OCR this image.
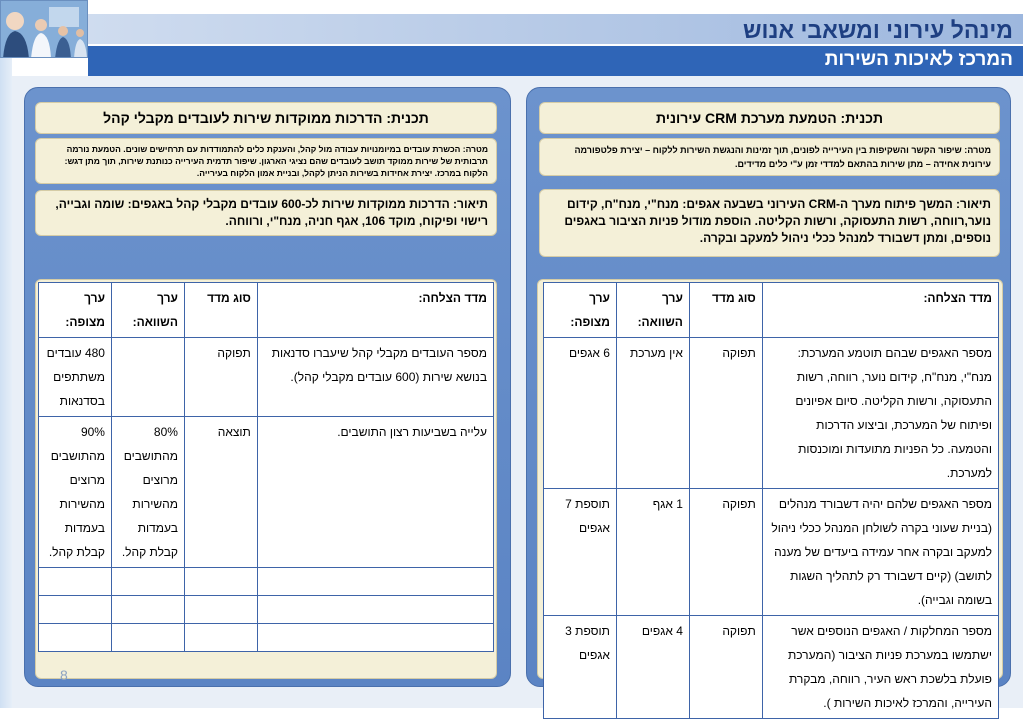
מינהל עירוני ומשאבי אנוש
המרכז לאיכות השירות
תכנית: הטמעת מערכת CRM עירונית
מטרה: שיפור הקשר והשקיפות בין העירייה לפונים, תוך זמינות והנגשת השירות ללקוח – יצירת פלטפורמה עירונית אחידה – מתן שירות בהתאם למדדי זמן ע"י כלים מדידים.
תיאור: המשך פיתוח מערך ה-CRM העירוני בשבעה אגפים: מנח"י, מנח"ח, קידום נוער,רווחה, רשות התעסוקה, ורשות הקליטה. הוספת מודול פניות הציבור באגפים נוספים, ומתן דשבורד למנהל ככלי ניהול למעקב ובקרה.
מדד הצלחה:	סוג מדד	ערך השוואה:	ערך מצופה:
מספר האגפים שבהם תוטמע המערכת: מנח"י, מנח"ח, קידום נוער, רווחה, רשות התעסוקה, ורשות הקליטה. סיום אפיונים ופיתוח של המערכת, וביצוע הדרכות והטמעה. כל הפניות מתועדות ומוכנסות למערכת.	תפוקה	אין מערכת	6 אגפים
מספר האגפים שלהם יהיה דשבורד מנהלים (בניית שעוני בקרה לשולחן המנהל ככלי ניהול למעקב ובקרה אחר עמידה ביעדים של מענה לתושב) (קיים דשבורד רק לתהליך השגות בשומה וגבייה).	תפוקה	1 אגף	תוספת 7 אגפים
מספר המחלקות / האגפים הנוספים אשר ישתמשו במערכת פניות הציבור (המערכת פועלת בלשכת ראש העיר, רווחה, מבקרת העירייה, והמרכז לאיכות השירות ).	תפוקה	4 אגפים	תוספת 3 אגפים
תכנית: הדרכות ממוקדות שירות לעובדים מקבלי קהל
מטרה: הכשרת עובדים במיומנויות עבודה מול קהל, והענקת כלים להתמודדות עם תרחישים שונים. הטמעת נורמה תרבותית של שירות ממוקד תושב לעובדים שהם נציגי הארגון. שיפור תדמית העירייה כנותנת שירות, תוך מתן דגש: הלקוח במרכז. יצירת אחידות בשירות הניתן לקהל, ובניית אמון הלקוח בעירייה.
תיאור: הדרכות ממוקדות שירות לכ-600 עובדים מקבלי קהל באגפים: שומה וגבייה, רישוי ופיקוח, מוקד 106, אגף חניה, מנח"י, ורווחה.
מדד הצלחה:	סוג מדד	ערך השוואה:	ערך מצופה:
מספר העובדים מקבלי קהל שיעברו סדנאות בנושא שירות (600 עובדים מקבלי קהל).	תפוקה		480 עובדים משתתפים בסדנאות
עלייה בשביעות רצון התושבים.	תוצאה	80% מהתושבים מרוצים מהשירות בעמדות קבלת קהל.	90% מהתושבים מרוצים מהשירות בעמדות קבלת קהל.

8
